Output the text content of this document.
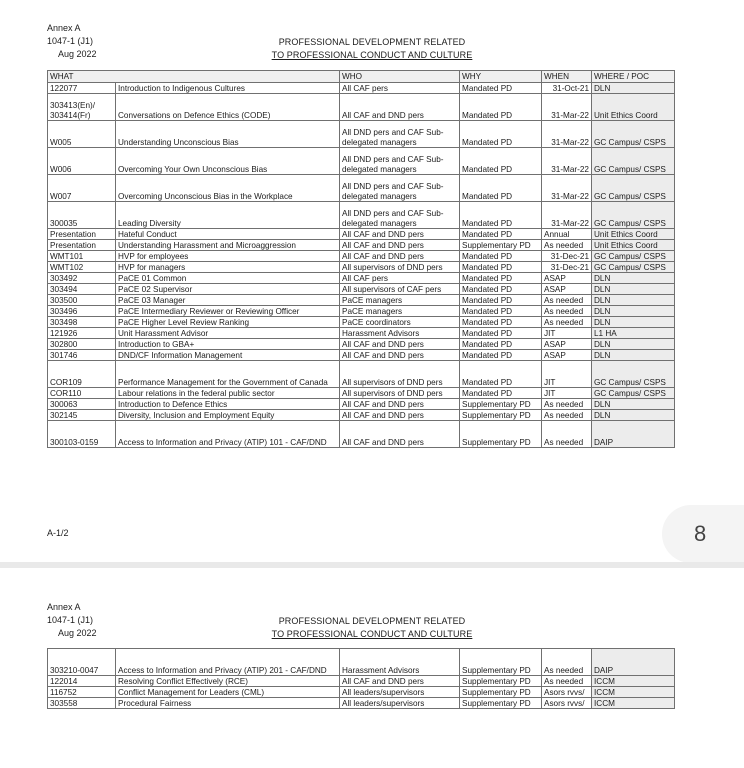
Annex A
1047-1 (J1)
Aug 2022
PROFESSIONAL DEVELOPMENT RELATED
TO PROFESSIONAL CONDUCT AND CULTURE
WHAT		WHO	WHY	WHEN	WHERE / POC
122077	Introduction to Indigenous Cultures	All CAF pers	Mandated PD	31-Oct-21	DLN
303413(En)/ 303414(Fr)	Conversations on Defence Ethics (CODE)	All CAF and DND pers	Mandated PD	31-Mar-22	Unit Ethics Coord
W005	Understanding Unconscious Bias	All DND pers and CAF Sub-delegated managers	Mandated PD	31-Mar-22	GC Campus/ CSPS
W006	Overcoming Your Own Unconscious Bias	All DND pers and CAF Sub-delegated managers	Mandated PD	31-Mar-22	GC Campus/ CSPS
W007	Overcoming Unconscious Bias in the Workplace	All DND pers and CAF Sub-delegated managers	Mandated PD	31-Mar-22	GC Campus/ CSPS
300035	Leading Diversity	All DND pers and CAF Sub-delegated managers	Mandated PD	31-Mar-22	GC Campus/ CSPS
Presentation	Hateful Conduct	All CAF and DND pers	Mandated PD	Annual	Unit Ethics Coord
Presentation	Understanding Harassment and Microaggression	All CAF and DND pers	Supplementary PD	As needed	Unit Ethics Coord
WMT101	HVP for employees	All CAF and DND pers	Mandated PD	31-Dec-21	GC Campus/ CSPS
WMT102	HVP for managers	All supervisors of DND pers	Mandated PD	31-Dec-21	GC Campus/ CSPS
303492	PaCE 01 Common	All CAF pers	Mandated PD	ASAP	DLN
303494	PaCE 02 Supervisor	All supervisors of CAF pers	Mandated PD	ASAP	DLN
303500	PaCE 03 Manager	PaCE managers	Mandated PD	As needed	DLN
303496	PaCE Intermediary Reviewer or Reviewing Officer	PaCE managers	Mandated PD	As needed	DLN
303498	PaCE Higher Level Review Ranking	PaCE coordinators	Mandated PD	As needed	DLN
121926	Unit Harassment Advisor	Harassment Advisors	Mandated PD	JIT	L1 HA
302800	Introduction to GBA+	All CAF and DND pers	Mandated PD	ASAP	DLN
301746	DND/CF Information Management	All CAF and DND pers	Mandated PD	ASAP	DLN
COR109	Performance Management for the Government of Canada	All supervisors of DND pers	Mandated PD	JIT	GC Campus/ CSPS
COR110	Labour relations in the federal public sector	All supervisors of DND pers	Mandated PD	JIT	GC Campus/ CSPS
300063	Introduction to Defence Ethics	All CAF and DND pers	Supplementary PD	As needed	DLN
302145	Diversity, Inclusion and Employment Equity	All CAF and DND pers	Supplementary PD	As needed	DLN
300103-0159	Access to Information and Privacy (ATIP) 101 - CAF/DND	All CAF and DND pers	Supplementary PD	As needed	DAIP
A-1/2	8
Annex A
1047-1 (J1)
Aug 2022
PROFESSIONAL DEVELOPMENT RELATED
TO PROFESSIONAL CONDUCT AND CULTURE
303210-0047	Access to Information and Privacy (ATIP) 201 - CAF/DND	Harassment Advisors	Supplementary PD	As needed	DAIP
122014	Resolving Conflict Effectively (RCE)	All CAF and DND pers	Supplementary PD	As needed	ICCM
116752	Conflict Management for Leaders (CML)	All leaders/supervisors	Supplementary PD	Asors rvvs/	ICCM
303558	Procedural Fairness	All leaders/supervisors	Supplementary PD	Asors rvvs/	ICCM
